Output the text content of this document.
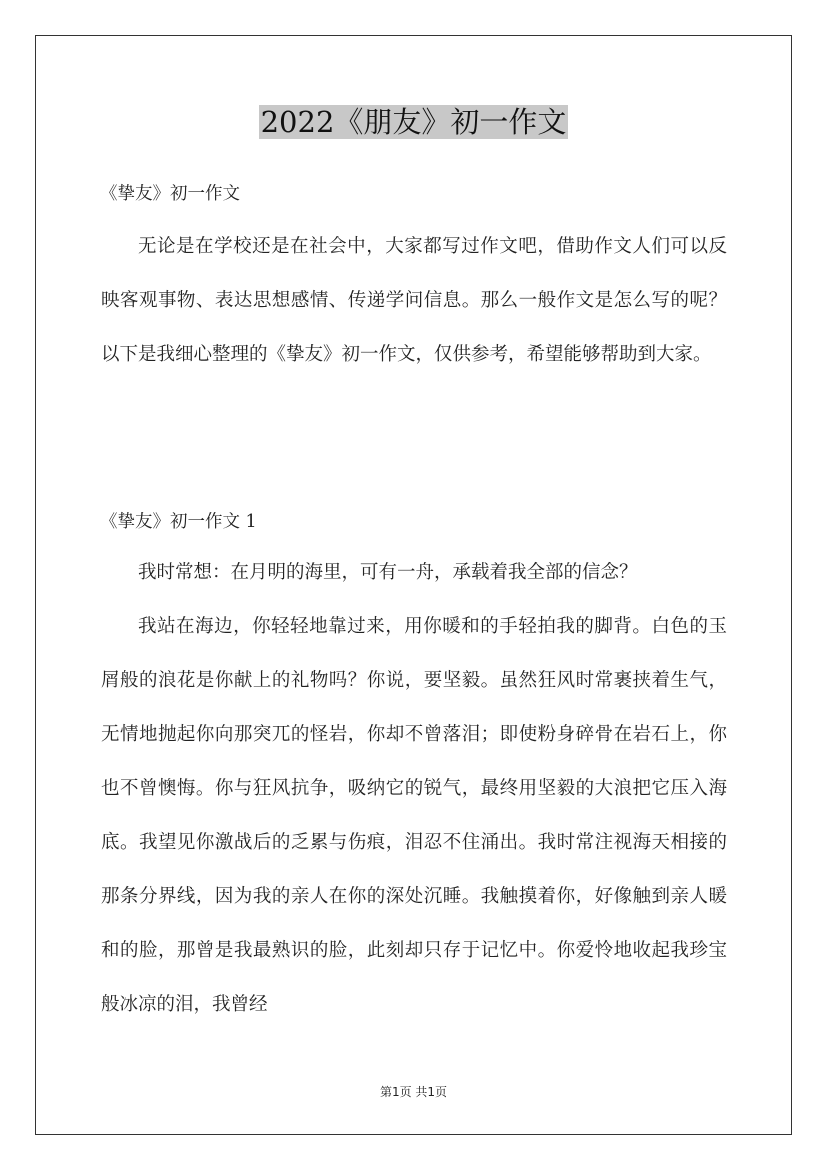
2022《朋友》初一作文
《挚友》初一作文
无论是在学校还是在社会中，大家都写过作文吧，借助作文人们可以反映客观事物、表达思想感情、传递学问信息。那么一般作文是怎么写的呢？以下是我细心整理的《挚友》初一作文，仅供参考，希望能够帮助到大家。
《挚友》初一作文 1
我时常想：在月明的海里，可有一舟，承载着我全部的信念？
我站在海边，你轻轻地靠过来，用你暖和的手轻拍我的脚背。白色的玉屑般的浪花是你献上的礼物吗？你说，要坚毅。虽然狂风时常裹挟着生气，无情地抛起你向那突兀的怪岩，你却不曾落泪；即使粉身碎骨在岩石上，你也不曾懊悔。你与狂风抗争，吸纳它的锐气，最终用坚毅的大浪把它压入海底。我望见你激战后的乏累与伤痕，泪忍不住涌出。我时常注视海天相接的那条分界线，因为我的亲人在你的深处沉睡。我触摸着你，好像触到亲人暖和的脸，那曾是我最熟识的脸，此刻却只存于记忆中。你爱怜地收起我珍宝般冰凉的泪，我曾经
第1页 共1页
